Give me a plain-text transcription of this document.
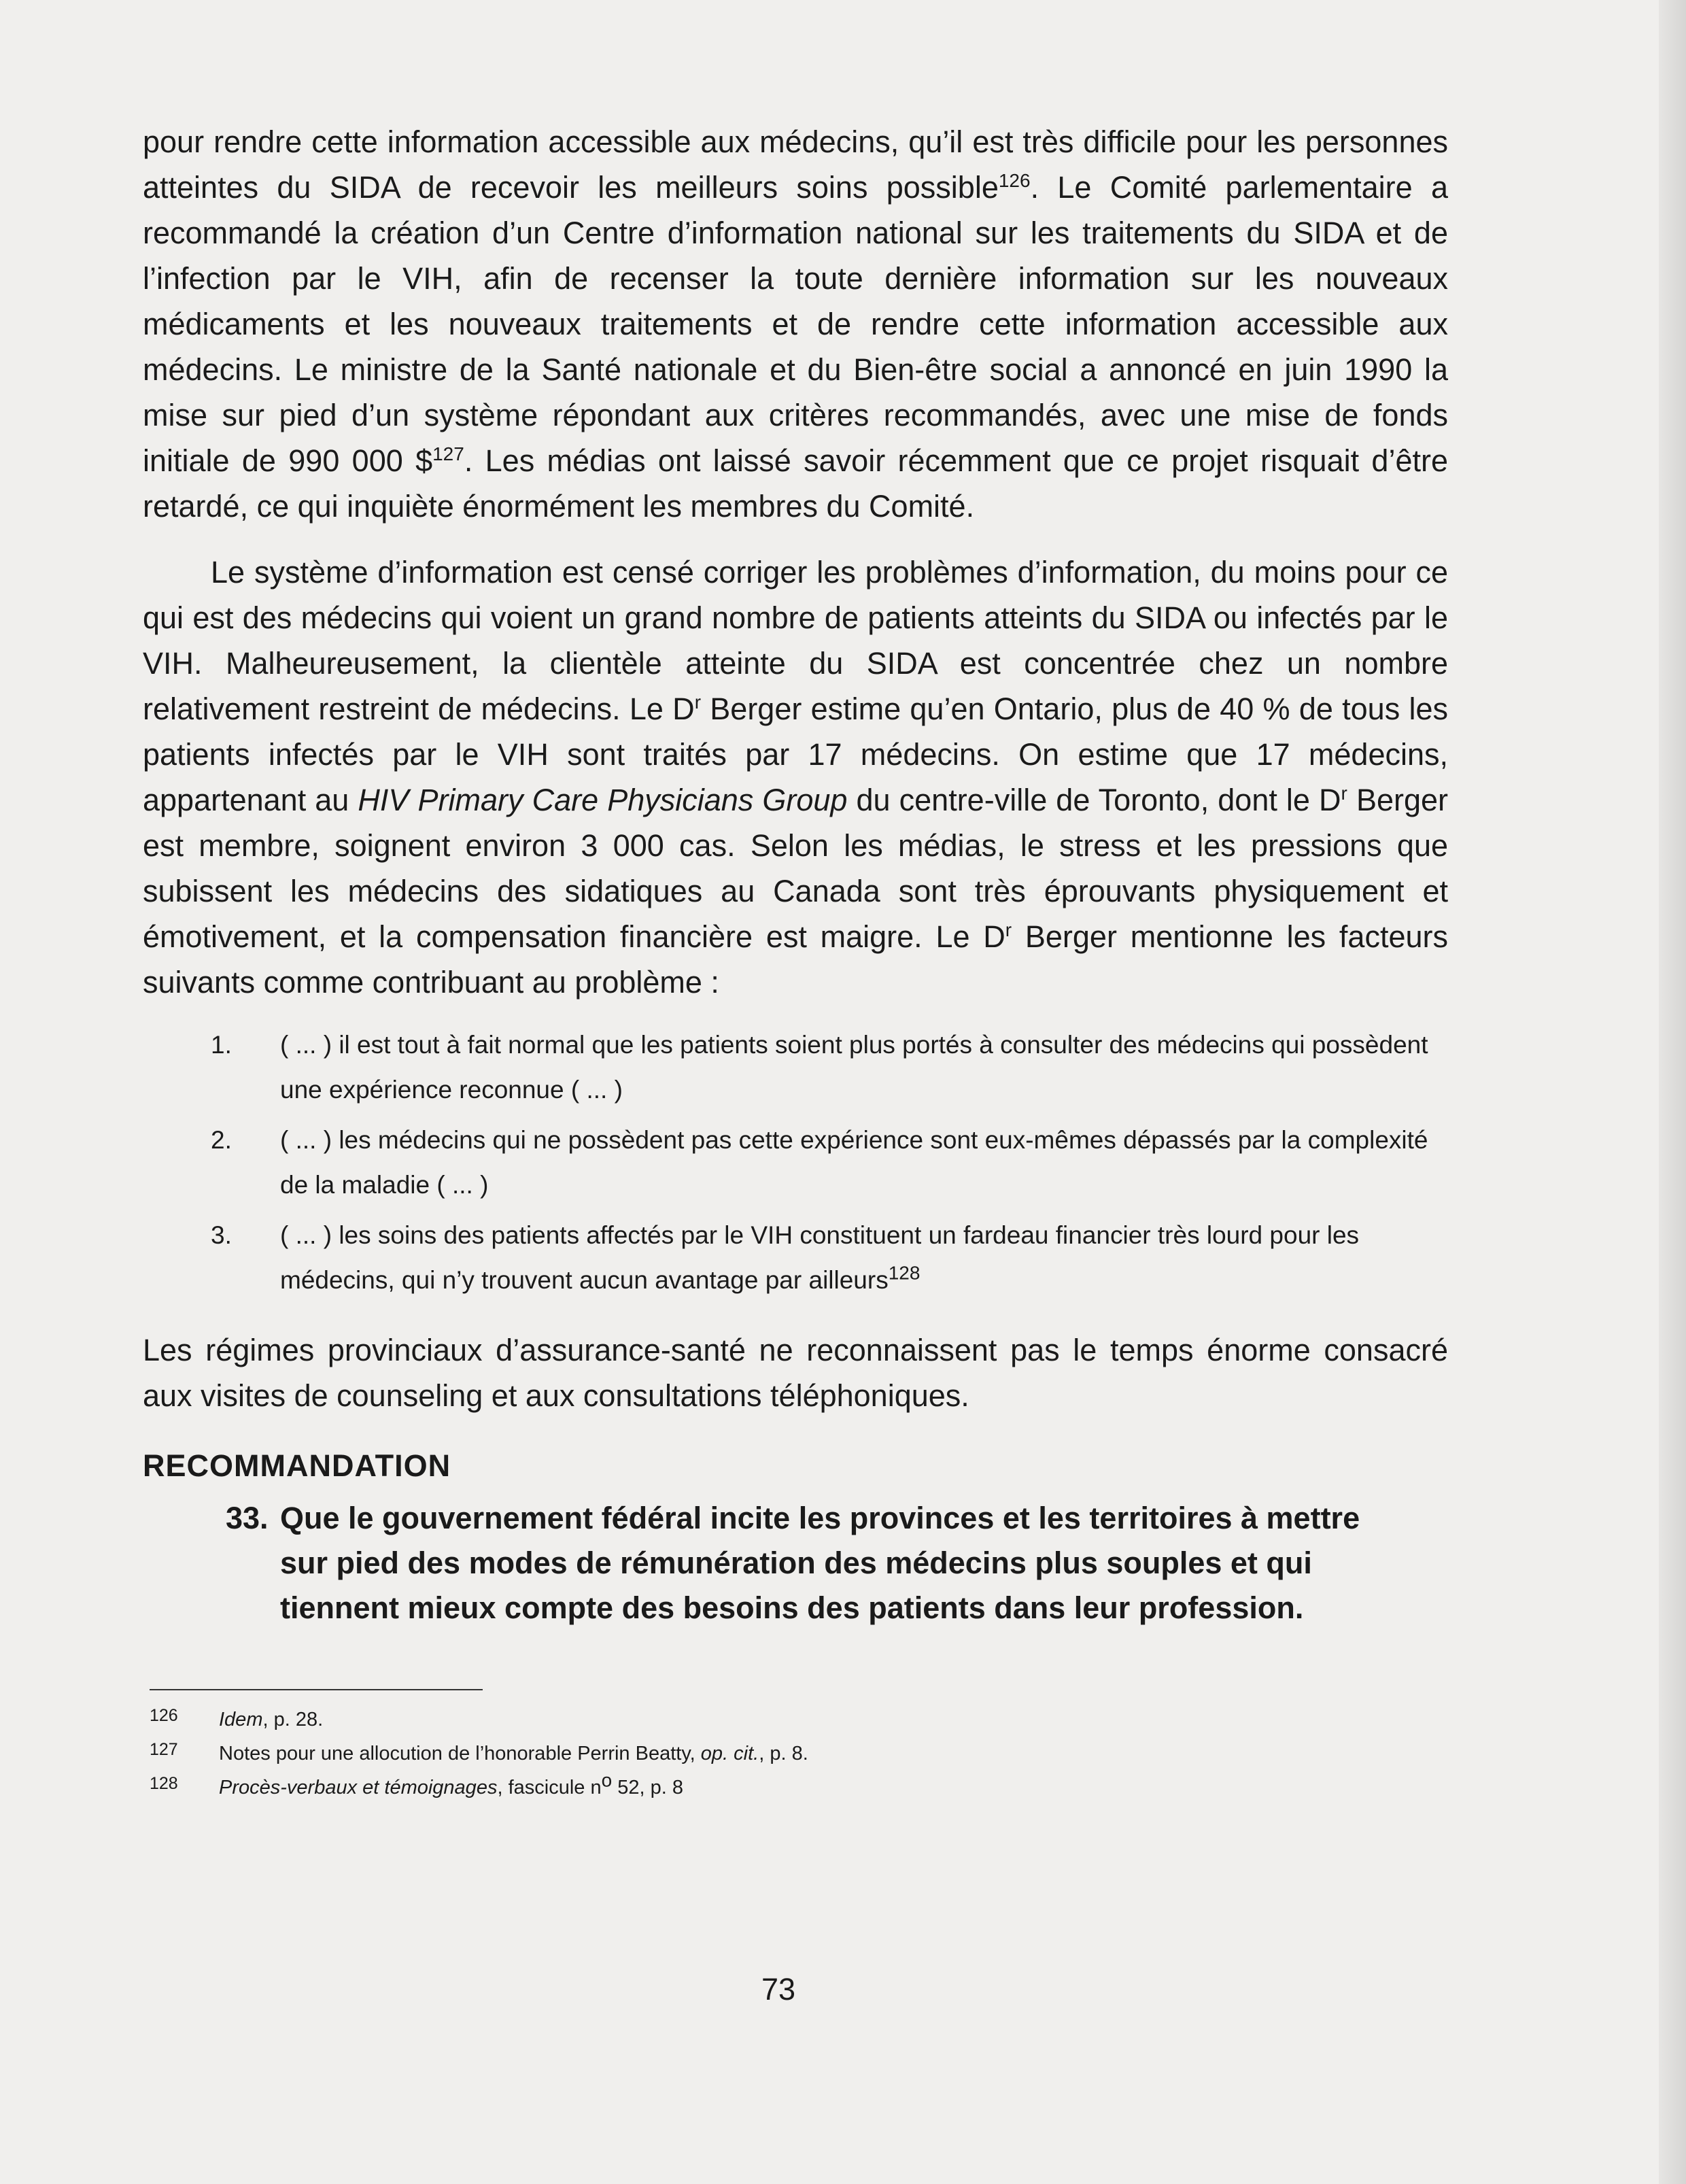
pour rendre cette information accessible aux médecins, qu’il est très difficile pour les personnes atteintes du SIDA de recevoir les meilleurs soins possible$^{126}$. Le Comité parlementaire a recommandé la création d’un Centre d’information national sur les traitements du SIDA et de l’infection par le VIH, afin de recenser la toute dernière information sur les nouveaux médicaments et les nouveaux traitements et de rendre cette information accessible aux médecins. Le ministre de la Santé nationale et du Bien-être social a annoncé en juin 1990 la mise sur pied d’un système répondant aux critères recommandés, avec une mise de fonds initiale de 990 000 \$$^{127}$. Les médias ont laissé savoir récemment que ce projet risquait d’être retardé, ce qui inquiète énormément les membres du Comité.

Le système d’information est censé corriger les problèmes d’information, du moins pour ce qui est des médecins qui voient un grand nombre de patients atteints du SIDA ou infectés par le VIH. Malheureusement, la clientèle atteinte du SIDA est concentrée chez un nombre relativement restreint de médecins. Le $D^r$ Berger estime qu’en Ontario, plus de 40 % de tous les patients infectés par le VIH sont traités par 17 médecins. On estime que 17 médecins, appartenant au HIV Primary Care Physicians Group du centre-ville de Toronto, dont le $D^r$ Berger est membre, soignent environ 3 000 cas. Selon les médias, le stress et les pressions que subissent les médecins des sidatiques au Canada sont très éprouvants physiquement et émotivement, et la compensation financière est maigre. Le $D^r$ Berger mentionne les facteurs suivants comme contribuant au problème :

1. ( ... ) il est tout à fait normal que les patients soient plus portés à consulter des médecins qui possèdent une expérience reconnue ( ... )
2. ( ... ) les médecins qui ne possèdent pas cette expérience sont eux-mêmes dépassés par la complexité de la maladie ( ... )
3. ( ... ) les soins des patients affectés par le VIH constituent un fardeau financier très lourd pour les médecins, qui n’y trouvent aucun avantage par ailleurs$^{128}$

Les régimes provinciaux d’assurance-santé ne reconnaissent pas le temps énorme consacré aux visites de counseling et aux consultations téléphoniques.

RECOMMANDATION
33. Que le gouvernement fédéral incite les provinces et les territoires à mettre sur pied des modes de rémunération des médecins plus souples et qui tiennent mieux compte des besoins des patients dans leur profession.
126 Idem, p. 28.
127 Notes pour une allocution de l’honorable Perrin Beatty, op. cit., p. 8.
128 Procès-verbaux et témoignages, fascicule $n^o$ 52, p. 8
73
